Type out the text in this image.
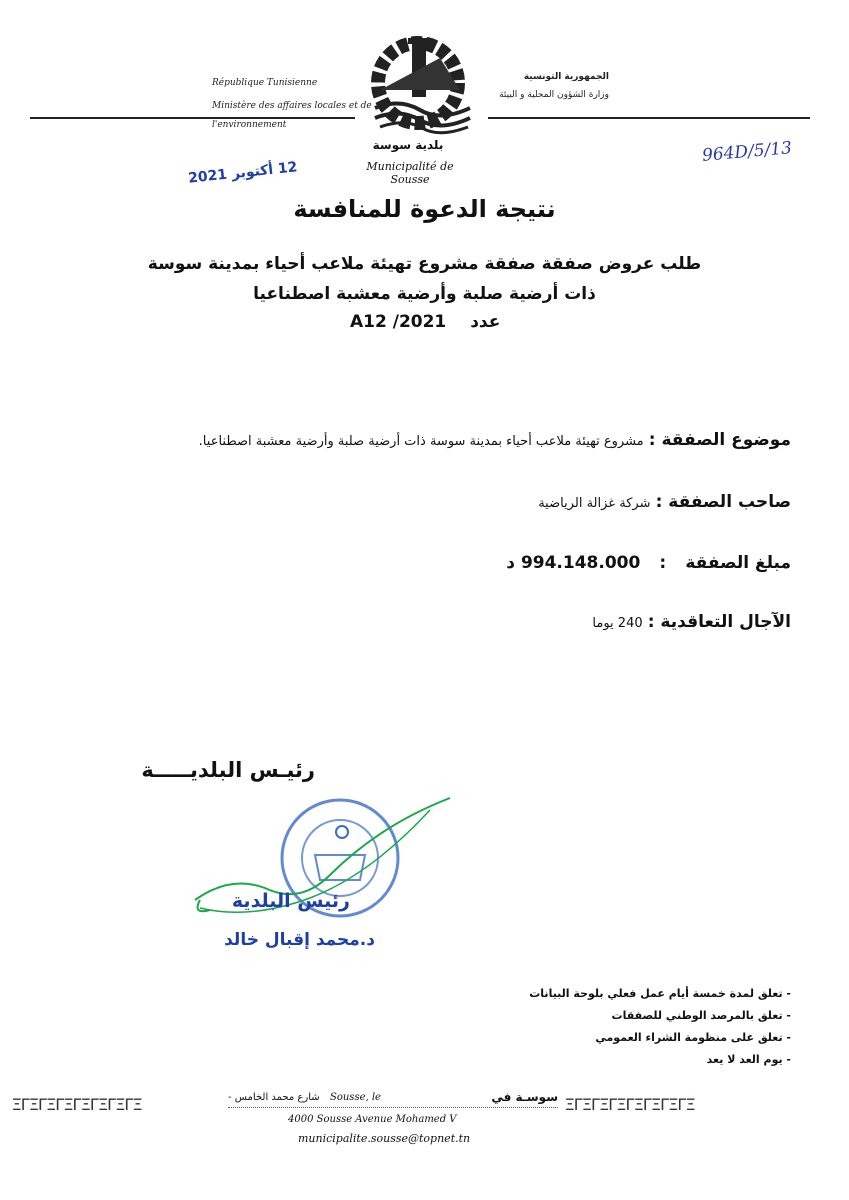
République Tunisienne
Ministère des affaires locales et de
l'environnement
الجمهورية التونسية
وزارة الشؤون المحلية و البيئة
بلدية سوسة
Municipalité de Sousse
12 أكتوبر 2021
964D/5/13
نتيجة الدعوة للمنافسة
طلب عروض صفقة صفقة مشروع تهيئة ملاعب أحياء بمدينة سوسة
ذات أرضية صلبة وأرضية معشبة اصطناعيا
A12 /2021 عدد
موضوع الصفقة : مشروع تهيئة ملاعب أحياء بمدينة سوسة ذات أرضية صلبة وأرضية معشبة اصطناعيا.
صاحب الصفقة : شركة غزالة الرياضية
مبلغ الصفقة : 994.148.000 د
الآجال التعاقدية : 240 يوما
رئيـس البلديـــــة
رئيس البلدية
د.محمد إقبال خالد
- تعلق لمدة خمسة أيام عمل فعلي بلوحة البيانات
- تعلق بالمرصد الوطني للصفقات
- تعلق على منظومة الشراء العمومي
- يوم العد لا يعد
ΞΓΞΓΞΓΞΓΞΓΞΓΞΓΞ	ΞΓΞΓΞΓΞΓΞΓΞΓΞΓΞ
Sousse, le	سوسـة في
شارع محمد الخامس -
4000 Sousse Avenue Mohamed V
municipalite.sousse@topnet.tn
